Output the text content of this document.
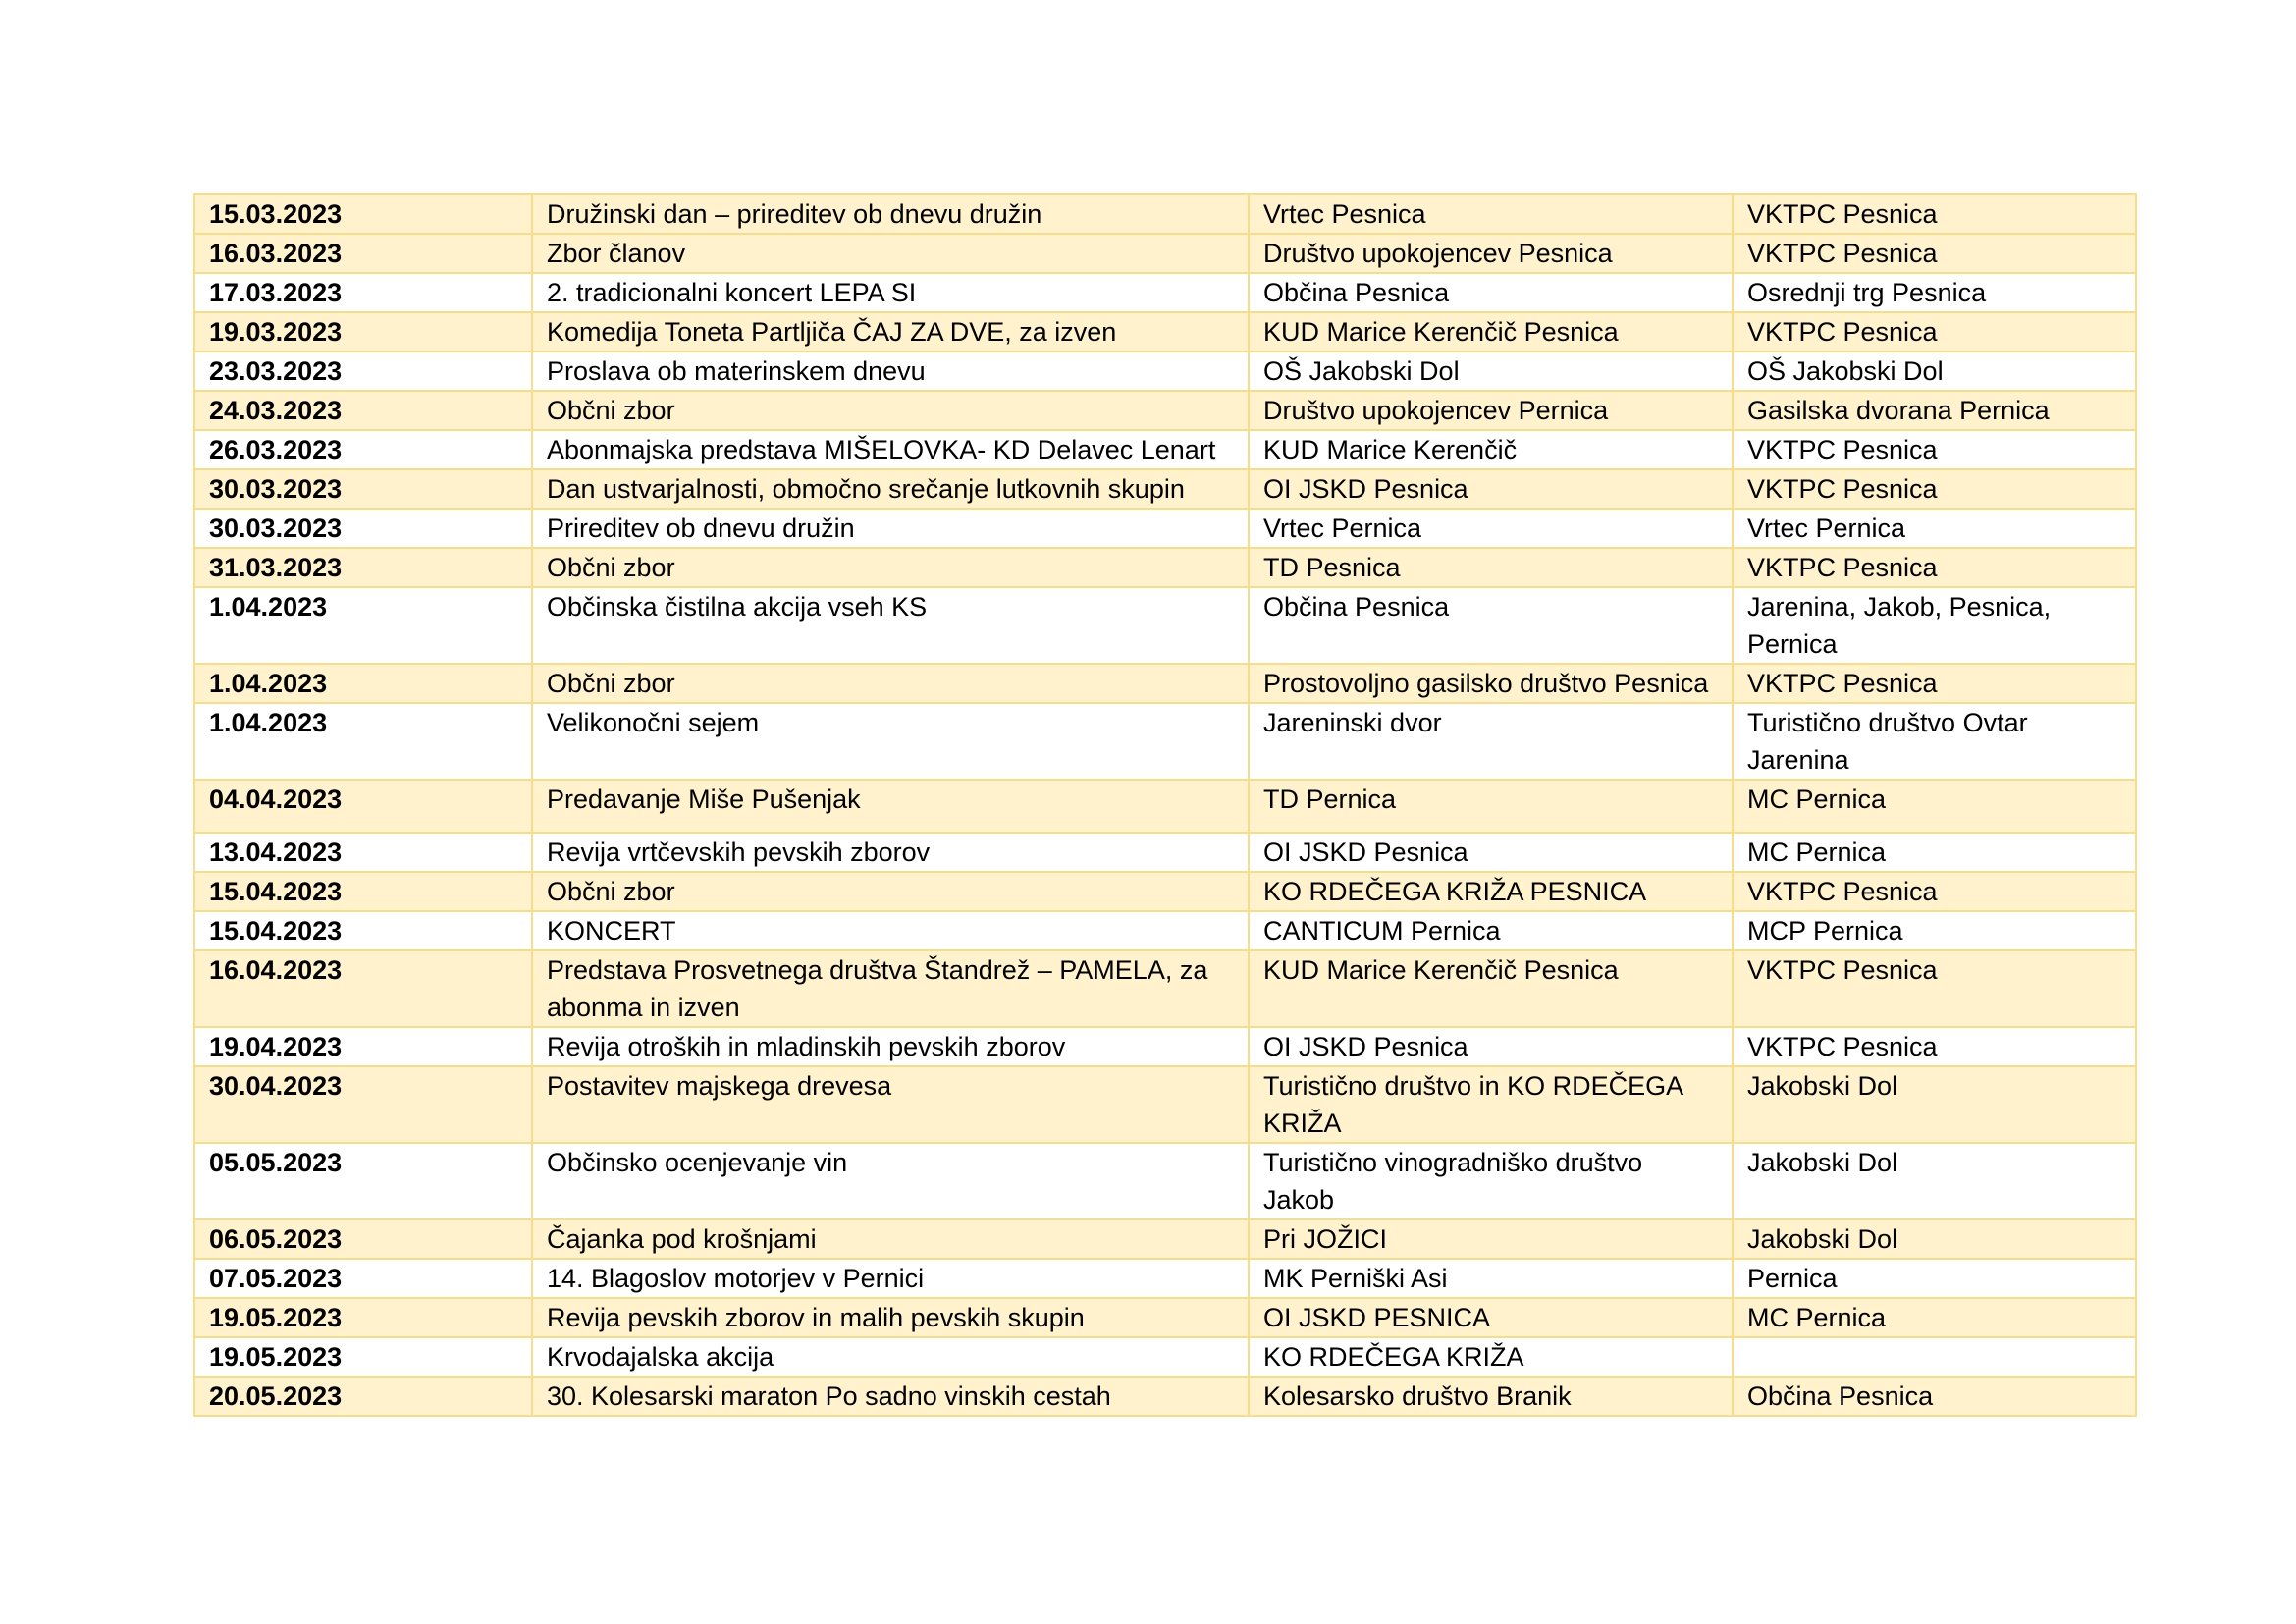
15.03.2023	Družinski dan – prireditev ob dnevu družin	Vrtec Pesnica	VKTPC Pesnica
16.03.2023	Zbor članov	Društvo upokojencev Pesnica	VKTPC Pesnica
17.03.2023	2. tradicionalni koncert LEPA SI	Občina Pesnica	Osrednji trg Pesnica
19.03.2023	Komedija Toneta Partljiča ČAJ ZA DVE, za izven	KUD Marice Kerenčič Pesnica	VKTPC Pesnica
23.03.2023	Proslava ob materinskem dnevu	OŠ Jakobski Dol	OŠ Jakobski Dol
24.03.2023	Občni zbor	Društvo upokojencev Pernica	Gasilska dvorana Pernica
26.03.2023	Abonmajska predstava MIŠELOVKA- KD Delavec Lenart	KUD Marice Kerenčič	VKTPC Pesnica
30.03.2023	Dan ustvarjalnosti, območno srečanje lutkovnih skupin	OI JSKD Pesnica	VKTPC Pesnica
30.03.2023	Prireditev ob dnevu družin	Vrtec Pernica	Vrtec Pernica
31.03.2023	Občni zbor	TD Pesnica	VKTPC Pesnica
1.04.2023	Občinska čistilna akcija vseh KS	Občina Pesnica	Jarenina, Jakob, Pesnica, Pernica
1.04.2023	Občni zbor	Prostovoljno gasilsko društvo Pesnica	VKTPC Pesnica
1.04.2023	Velikonočni sejem	Jareninski dvor	Turistično društvo Ovtar Jarenina
04.04.2023	Predavanje Miše Pušenjak	TD Pernica	MC Pernica
13.04.2023	Revija vrtčevskih pevskih zborov	OI JSKD Pesnica	MC Pernica
15.04.2023	Občni zbor	KO RDEČEGA KRIŽA PESNICA	VKTPC Pesnica
15.04.2023	KONCERT	CANTICUM Pernica	MCP Pernica
16.04.2023	Predstava Prosvetnega društva Štandrež – PAMELA, za abonma in izven	KUD Marice Kerenčič Pesnica	VKTPC Pesnica
19.04.2023	Revija otroških in mladinskih pevskih zborov	OI JSKD Pesnica	VKTPC Pesnica
30.04.2023	Postavitev majskega drevesa	Turistično društvo in KO RDEČEGA KRIŽA	Jakobski Dol
05.05.2023	Občinsko ocenjevanje vin	Turistično vinogradniško društvo Jakob	Jakobski Dol
06.05.2023	Čajanka pod krošnjami	Pri JOŽICI	Jakobski Dol
07.05.2023	14. Blagoslov motorjev v Pernici	MK Perniški Asi	Pernica
19.05.2023	Revija pevskih zborov in malih pevskih skupin	OI JSKD PESNICA	MC Pernica
19.05.2023	Krvodajalska akcija	KO RDEČEGA KRIŽA	
20.05.2023	30. Kolesarski maraton Po sadno vinskih cestah	Kolesarsko društvo Branik	Občina Pesnica
